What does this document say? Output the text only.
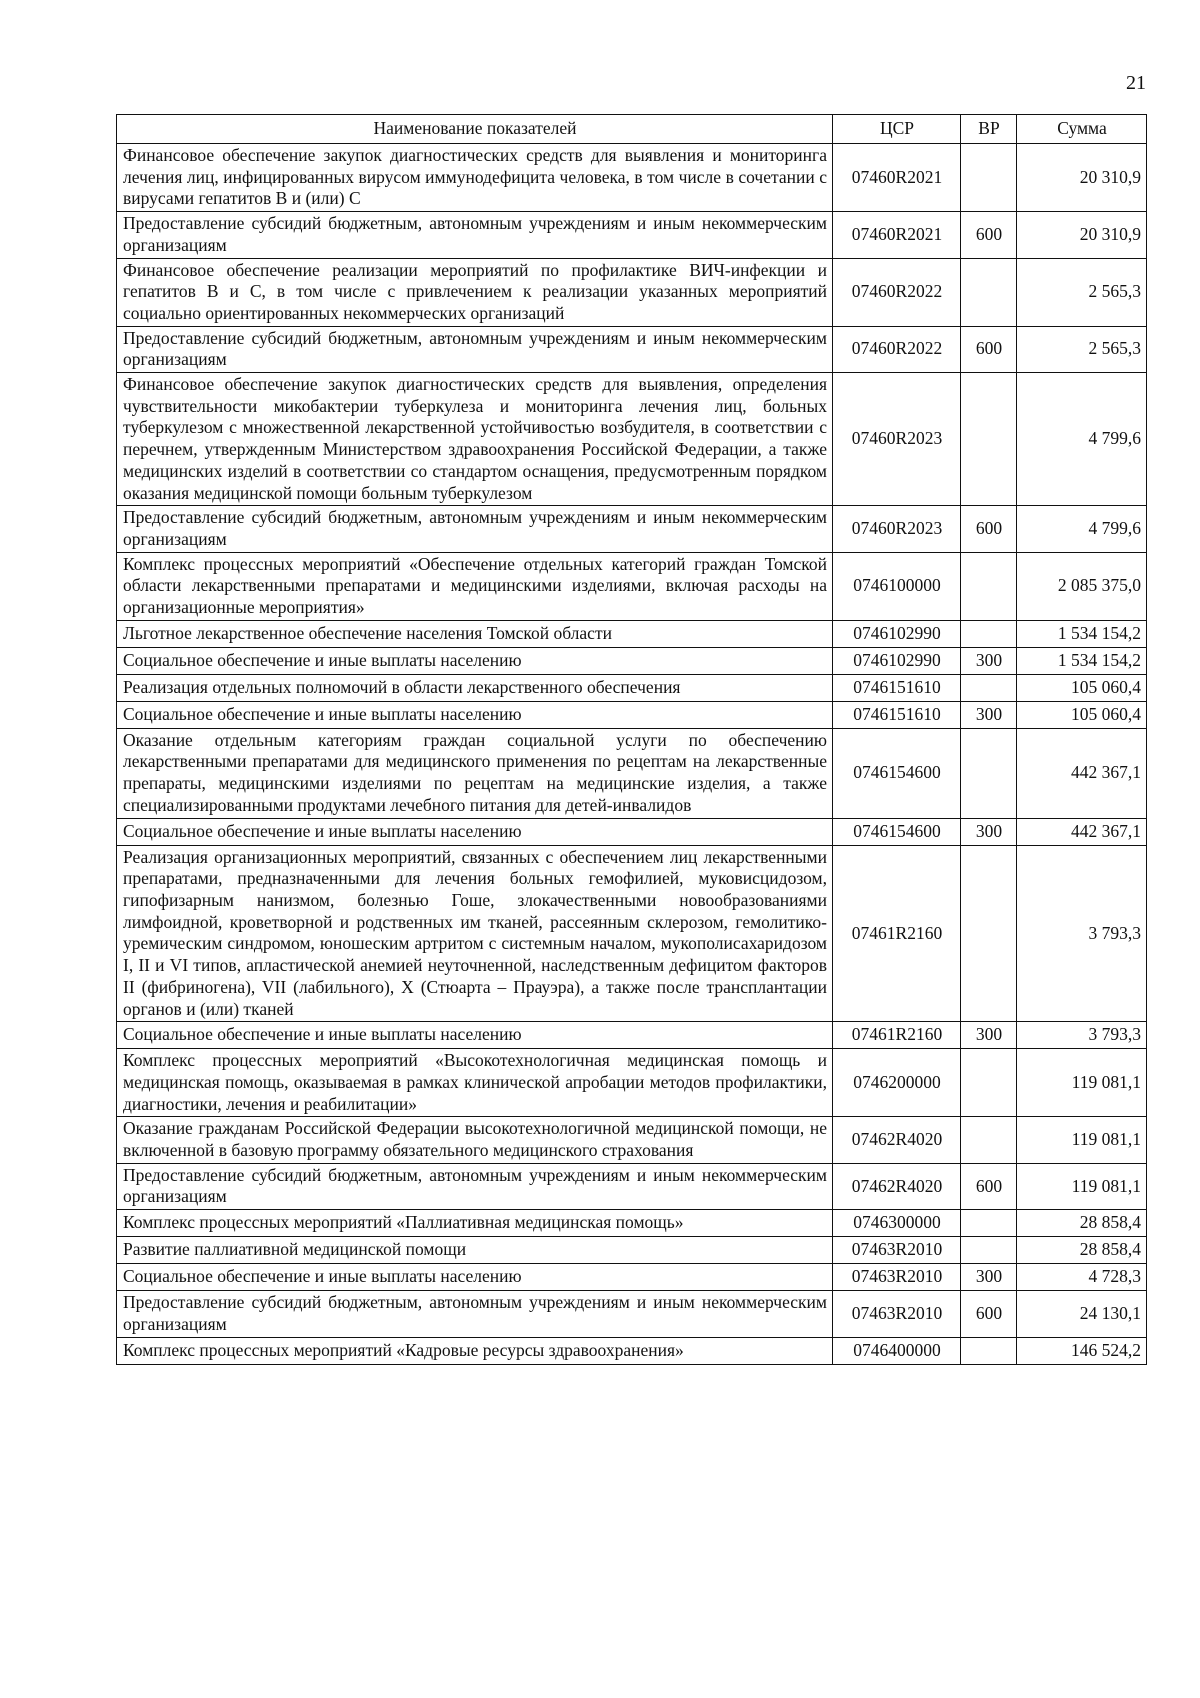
21
Наименование показателей	ЦСР	ВР	Сумма
Финансовое обеспечение закупок диагностических средств для выявления и мониторинга лечения лиц, инфицированных вирусом иммунодефицита человека, в том числе в сочетании с вирусами гепатитов B и (или) C	07460R2021		20 310,9
Предоставление субсидий бюджетным, автономным учреждениям и иным некоммерческим организациям	07460R2021	600	20 310,9
Финансовое обеспечение реализации мероприятий по профилактике ВИЧ-инфекции и гепатитов B и C, в том числе с привлечением к реализации указанных мероприятий социально ориентированных некоммерческих организаций	07460R2022		2 565,3
Предоставление субсидий бюджетным, автономным учреждениям и иным некоммерческим организациям	07460R2022	600	2 565,3
Финансовое обеспечение закупок диагностических средств для выявления, определения чувствительности микобактерии туберкулеза и мониторинга лечения лиц, больных туберкулезом с множественной лекарственной устойчивостью возбудителя, в соответствии с перечнем, утвержденным Министерством здравоохранения Российской Федерации, а также медицинских изделий в соответствии со стандартом оснащения, предусмотренным порядком оказания медицинской помощи больным туберкулезом	07460R2023		4 799,6
Предоставление субсидий бюджетным, автономным учреждениям и иным некоммерческим организациям	07460R2023	600	4 799,6
Комплекс процессных мероприятий «Обеспечение отдельных категорий граждан Томской области лекарственными препаратами и медицинскими изделиями, включая расходы на организационные мероприятия»	0746100000		2 085 375,0
Льготное лекарственное обеспечение населения Томской области	0746102990		1 534 154,2
Социальное обеспечение и иные выплаты населению	0746102990	300	1 534 154,2
Реализация отдельных полномочий в области лекарственного обеспечения	0746151610		105 060,4
Социальное обеспечение и иные выплаты населению	0746151610	300	105 060,4
Оказание отдельным категориям граждан социальной услуги по обеспечению лекарственными препаратами для медицинского применения по рецептам на лекарственные препараты, медицинскими изделиями по рецептам на медицинские изделия, а также специализированными продуктами лечебного питания для детей-инвалидов	0746154600		442 367,1
Социальное обеспечение и иные выплаты населению	0746154600	300	442 367,1
Реализация организационных мероприятий, связанных с обеспечением лиц лекарственными препаратами, предназначенными для лечения больных гемофилией, муковисцидозом, гипофизарным нанизмом, болезнью Гоше, злокачественными новообразованиями лимфоидной, кроветворной и родственных им тканей, рассеянным склерозом, гемолитико-уремическим синдромом, юношеским артритом с системным началом, мукополисахаридозом I, II и VI типов, апластической анемией неуточненной, наследственным дефицитом факторов II (фибриногена), VII (лабильного), X (Стюарта – Прауэра), а также после трансплантации органов и (или) тканей	07461R2160		3 793,3
Социальное обеспечение и иные выплаты населению	07461R2160	300	3 793,3
Комплекс процессных мероприятий «Высокотехнологичная медицинская помощь и медицинская помощь, оказываемая в рамках клинической апробации методов профилактики, диагностики, лечения и реабилитации»	0746200000		119 081,1
Оказание гражданам Российской Федерации высокотехнологичной медицинской помощи, не включенной в базовую программу обязательного медицинского страхования	07462R4020		119 081,1
Предоставление субсидий бюджетным, автономным учреждениям и иным некоммерческим организациям	07462R4020	600	119 081,1
Комплекс процессных мероприятий «Паллиативная медицинская помощь»	0746300000		28 858,4
Развитие паллиативной медицинской помощи	07463R2010		28 858,4
Социальное обеспечение и иные выплаты населению	07463R2010	300	4 728,3
Предоставление субсидий бюджетным, автономным учреждениям и иным некоммерческим организациям	07463R2010	600	24 130,1
Комплекс процессных мероприятий «Кадровые ресурсы здравоохранения»	0746400000		146 524,2
